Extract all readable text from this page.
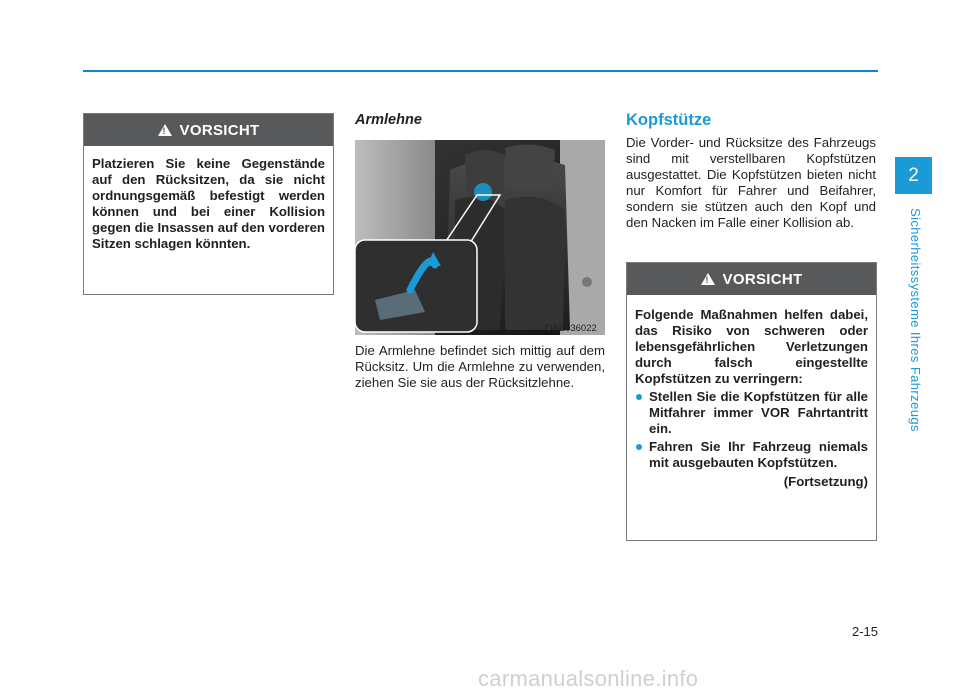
2
Sicherheitssysteme Ihres Fahrzeugs
!
VORSICHT
Platzieren Sie keine Gegenstände auf den Rücksitzen, da sie nicht ordnungsgemäß befestigt werden können und bei einer Kollision gegen die Insassen auf den vorderen Sitzen schlagen könnten.
Armlehne
OAE036022
Die Armlehne befindet sich mittig auf dem Rücksitz. Um die Armlehne zu verwenden, ziehen Sie sie aus der Rücksitzlehne.
Kopfstütze
Die Vorder- und Rücksitze des Fahrzeugs sind mit verstellbaren Kopfstützen ausgestattet. Die Kopfstützen bieten nicht nur Komfort für Fahrer und Beifahrer, sondern sie stützen auch den Kopf und den Nacken im Falle einer Kollision ab.
!
VORSICHT
Folgende Maßnahmen helfen dabei, das Risiko von schweren oder lebensgefährlichen Verletzungen durch falsch eingestellte Kopfstützen zu verringern:
Stellen Sie die Kopfstützen für alle Mitfahrer immer VOR Fahrtantritt ein.
Fahren Sie Ihr Fahrzeug niemals mit ausgebauten Kopfstützen.
(Fortsetzung)
2-15
carmanualsonline.info
